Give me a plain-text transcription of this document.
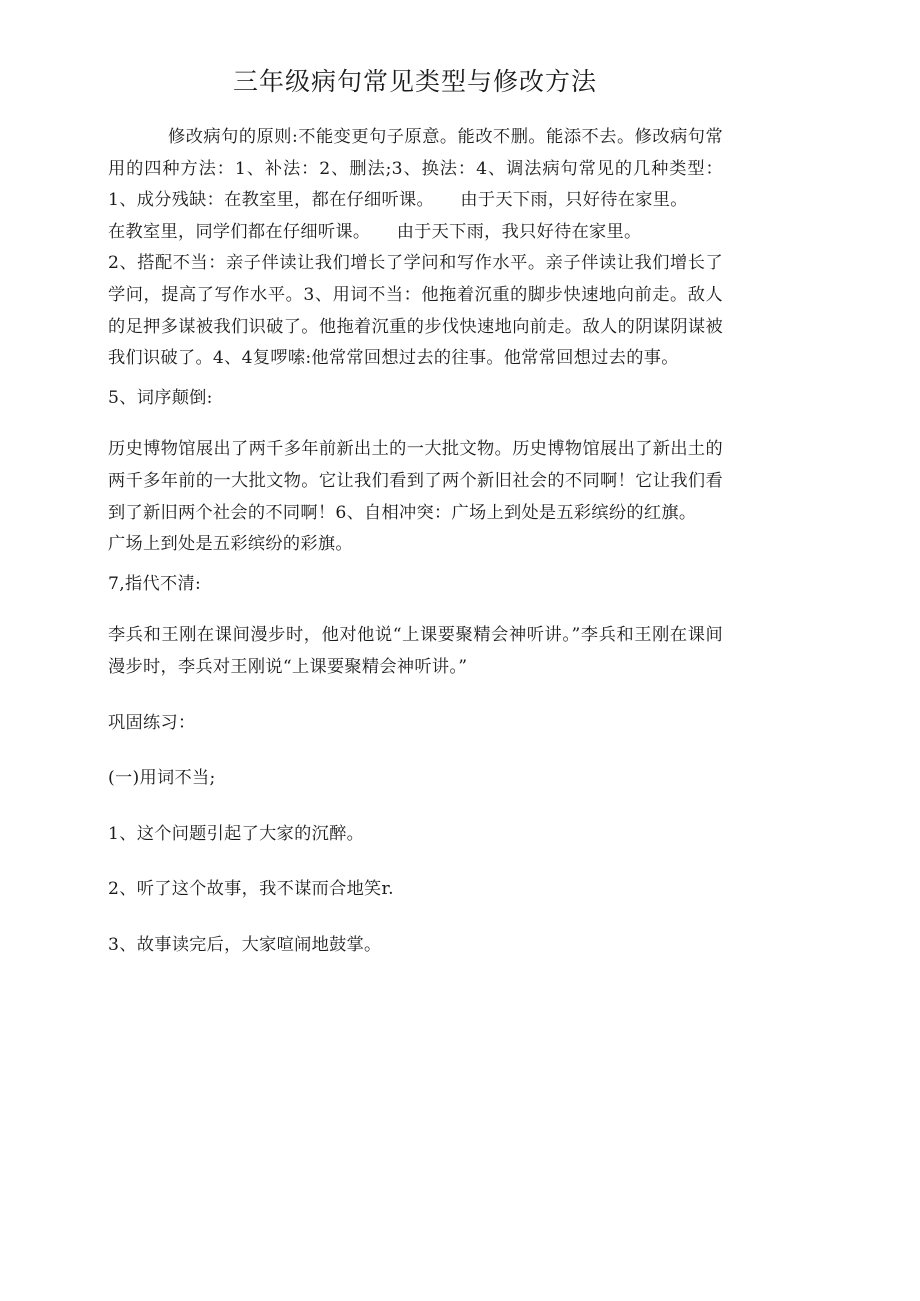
三年级病句常见类型与修改方法

修改病句的原则:不能变更句子原意。能改不删。能添不去。修改病句常用的四种方法：1、补法：2、删法;3、换法：4、调法病句常见的几种类型：1、成分残缺：在教室里，都在仔细听课。　　由于天下雨，只好待在家里。

在教室里，同学们都在仔细听课。　　由于天下雨，我只好待在家里。

2、搭配不当：亲子伴读让我们增长了学问和写作水平。亲子伴读让我们增长了学问，提高了写作水平。3、用词不当：他拖着沉重的脚步快速地向前走。敌人的足押多谋被我们识破了。他拖着沉重的步伐快速地向前走。敌人的阴谋阴谋被我们识破了。4、4复啰嗦:他常常回想过去的往事。他常常回想过去的事。

5、词序颠倒:

历史博物馆展出了两千多年前新出土的一大批文物。历史博物馆展出了新出土的两千多年前的一大批文物。它让我们看到了两个新旧社会的不同啊！它让我们看到了新旧两个社会的不同啊！6、自相冲突：广场上到处是五彩缤纷的红旗。

广场上到处是五彩缤纷的彩旗。

7,指代不清:

李兵和王刚在课间漫步时，他对他说“上课要聚精会神听讲。”李兵和王刚在课间漫步时，李兵对王刚说“上课要聚精会神听讲。”

巩固练习：

(一)用词不当;

1、这个问题引起了大家的沉醉。

2、听了这个故事，我不谋而合地笑r.

3、故事读完后，大家喧闹地鼓掌。
